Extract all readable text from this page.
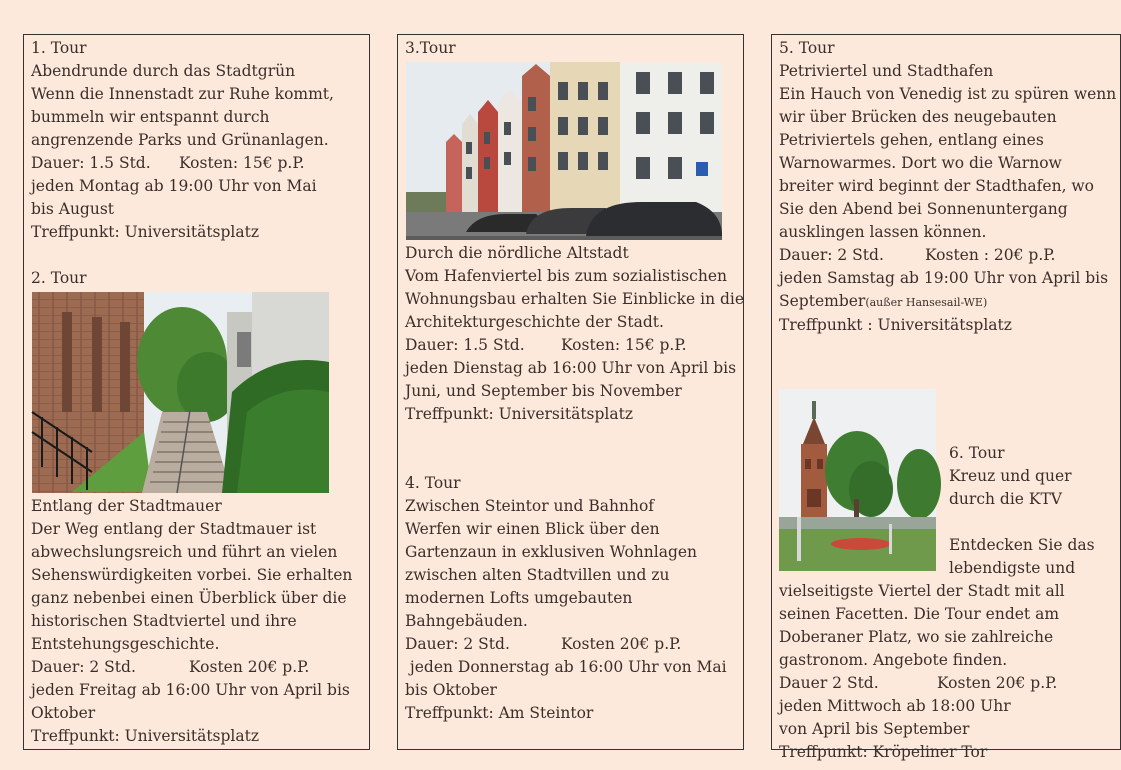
1. Tour
Abendrunde durch das Stadtgrün
Wenn die Innenstadt zur Ruhe kommt,
bummeln wir entspannt durch
angrenzende Parks und Grünanlagen.
Dauer: 1.5 Std. Kosten: 15€ p.P.
jeden Montag ab 19:00 Uhr von Mai
bis August
Treffpunkt: Universitätsplatz
2. Tour
Entlang der Stadtmauer
Der Weg entlang der Stadtmauer ist
abwechslungsreich und führt an vielen
Sehenswürdigkeiten vorbei. Sie erhalten
ganz nebenbei einen Überblick über die
historischen Stadtviertel und ihre
Entstehungsgeschichte.
Dauer: 2 Std.	Kosten 20€ p.P.
jeden Freitag ab 16:00 Uhr von April bis
Oktober
Treffpunkt: Universitätsplatz
3.Tour
Durch die nördliche Altstadt
Vom Hafenviertel bis zum sozialistischen
Wohnungsbau erhalten Sie Einblicke in die
Architekturgeschichte der Stadt.
Dauer: 1.5 Std. Kosten: 15€ p.P.
jeden Dienstag ab 16:00 Uhr von April bis
Juni, und September bis November
Treffpunkt: Universitätsplatz
4. Tour
Zwischen Steintor und Bahnhof
Werfen wir einen Blick über den
Gartenzaun in exklusiven Wohnlagen
zwischen alten Stadtvillen und zu
modernen Lofts umgebauten
Bahngebäuden.
Dauer: 2 Std.	Kosten 20€ p.P.
jeden Donnerstag ab 16:00 Uhr von Mai
bis Oktober
Treffpunkt: Am Steintor
5. Tour
Petriviertel und Stadthafen
Ein Hauch von Venedig ist zu spüren wenn
wir über Brücken des neugebauten
Petriviertels gehen, entlang eines
Warnowarmes. Dort wo die Warnow
breiter wird beginnt der Stadthafen, wo
Sie den Abend bei Sonnenuntergang
ausklingen lassen können.
Dauer: 2 Std.	Kosten : 20€ p.P.
jeden Samstag ab 19:00 Uhr von April bis
September(außer Hansesail-WE)
Treffpunkt : Universitätsplatz
6. Tour
Kreuz und quer
durch die KTV
Entdecken Sie das
lebendigste und
vielseitigste Viertel der Stadt mit all
seinen Facetten. Die Tour endet am
Doberaner Platz, wo sie zahlreiche
gastronom. Angebote finden.
Dauer 2 Std.	Kosten 20€ p.P.
jeden Mittwoch ab 18:00 Uhr
von April bis September
Treffpunkt: Kröpeliner Tor
